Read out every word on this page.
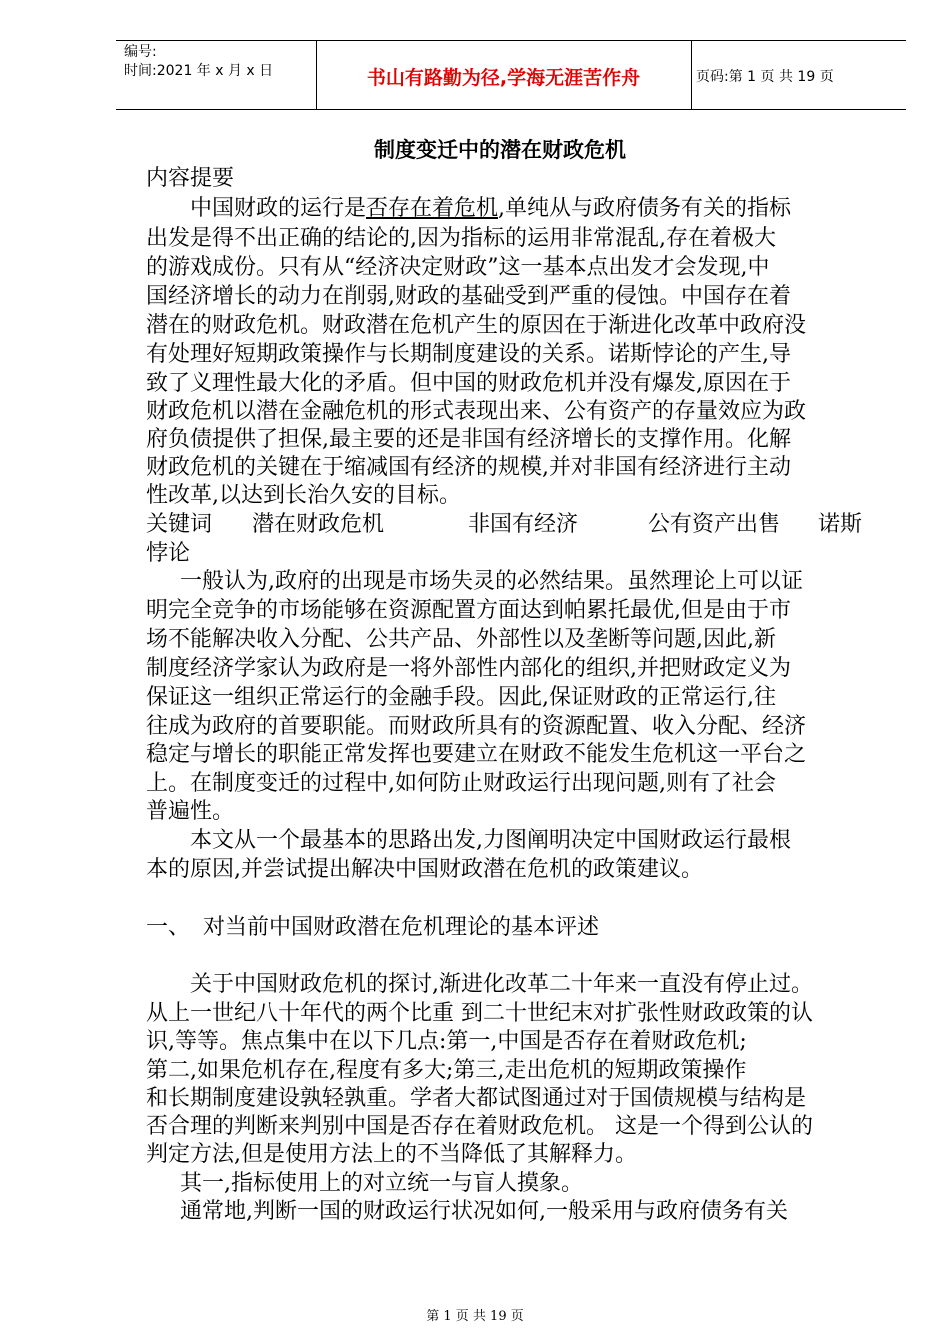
编号:
时间:2021 年 x 月 x 日	书山有路勤为径,学海无涯苦作舟	页码:第 1 页 共 19 页
制度变迁中的潜在财政危机
内容提要
中国财政的运行是否存在着危机,单纯从与政府债务有关的指标
出发是得不出正确的结论的,因为指标的运用非常混乱,存在着极大
的游戏成份。只有从“经济决定财政”这一基本点出发才会发现,中
国经济增长的动力在削弱,财政的基础受到严重的侵蚀。中国存在着
潜在的财政危机。财政潜在危机产生的原因在于渐进化改革中政府没
有处理好短期政策操作与长期制度建设的关系。诺斯悖论的产生,导
致了义理性最大化的矛盾。但中国的财政危机并没有爆发,原因在于
财政危机以潜在金融危机的形式表现出来、公有资产的存量效应为政
府负债提供了担保,最主要的还是非国有经济增长的支撑作用。化解
财政危机的关键在于缩减国有经济的规模,并对非国有经济进行主动
性改革,以达到长治久安的目标。
关键词 潜在财政危机	非国有经济	公有资产出售 诺斯
悖论
一般认为,政府的出现是市场失灵的必然结果。虽然理论上可以证
明完全竞争的市场能够在资源配置方面达到帕累托最优,但是由于市
场不能解决收入分配、公共产品、外部性以及垄断等问题,因此,新
制度经济学家认为政府是一将外部性内部化的组织,并把财政定义为
保证这一组织正常运行的金融手段。因此,保证财政的正常运行,往
往成为政府的首要职能。而财政所具有的资源配置、收入分配、经济
稳定与增长的职能正常发挥也要建立在财政不能发生危机这一平台之
上。在制度变迁的过程中,如何防止财政运行出现问题,则有了社会
普遍性。
本文从一个最基本的思路出发,力图阐明决定中国财政运行最根
本的原因,并尝试提出解决中国财政潜在危机的政策建议。
一、 对当前中国财政潜在危机理论的基本评述
关于中国财政危机的探讨,渐进化改革二十年来一直没有停止过。
从上一世纪八十年代的两个比重 到二十世纪末对扩张性财政政策的认
识,等等。焦点集中在以下几点:第一,中国是否存在着财政危机;
第二,如果危机存在,程度有多大;第三,走出危机的短期政策操作
和长期制度建设孰轻孰重。学者大都试图通过对于国债规模与结构是
否合理的判断来判别中国是否存在着财政危机。 这是一个得到公认的
判定方法,但是使用方法上的不当降低了其解释力。
其一,指标使用上的对立统一与盲人摸象。
通常地,判断一国的财政运行状况如何,一般采用与政府债务有关
第 1 页 共 19 页
